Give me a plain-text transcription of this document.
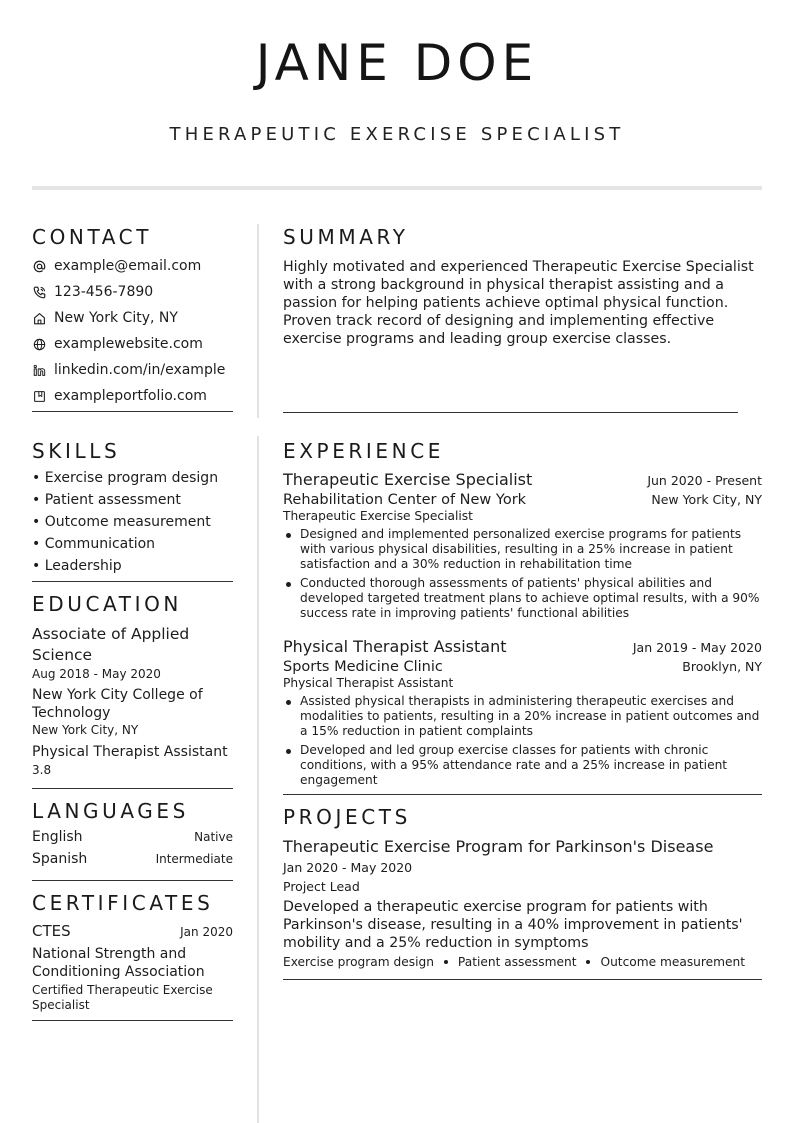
JANE DOE
THERAPEUTIC EXERCISE SPECIALIST
CONTACT
example@email.com
123-456-7890
New York City, NY
examplewebsite.com
linkedin.com/in/example
exampleportfolio.com
SKILLS
• Exercise program design
• Patient assessment
• Outcome measurement
• Communication
• Leadership
EDUCATION
Associate of Applied Science
Aug 2018 - May 2020
New York City College of Technology
New York City, NY
Physical Therapist Assistant
3.8
LANGUAGES
English	Native
Spanish	Intermediate
CERTIFICATES
CTES	Jan 2020
National Strength and Conditioning Association
Certified Therapeutic Exercise Specialist
SUMMARY

Highly motivated and experienced Therapeutic Exercise Specialist with a strong background in physical therapist assisting and a passion for helping patients achieve optimal physical function. Proven track record of designing and implementing effective exercise programs and leading group exercise classes.

EXPERIENCE
Therapeutic Exercise Specialist	Jun 2020 - Present
Rehabilitation Center of New York	New York City, NY
Therapeutic Exercise Specialist
Designed and implemented personalized exercise programs for patients with various physical disabilities, resulting in a 25% increase in patient satisfaction and a 30% reduction in rehabilitation time
Conducted thorough assessments of patients' physical abilities and developed targeted treatment plans to achieve optimal results, with a 90% success rate in improving patients' functional abilities
Physical Therapist Assistant	Jan 2019 - May 2020
Sports Medicine Clinic	Brooklyn, NY
Physical Therapist Assistant
Assisted physical therapists in administering therapeutic exercises and modalities to patients, resulting in a 20% increase in patient outcomes and a 15% reduction in patient complaints
Developed and led group exercise classes for patients with chronic conditions, with a 95% attendance rate and a 25% increase in patient engagement
PROJECTS
Therapeutic Exercise Program for Parkinson's Disease
Jan 2020 - May 2020
Project Lead
Developed a therapeutic exercise program for patients with Parkinson's disease, resulting in a 40% improvement in patients' mobility and a 25% reduction in symptoms
Exercise program design Patient assessment Outcome measurement
